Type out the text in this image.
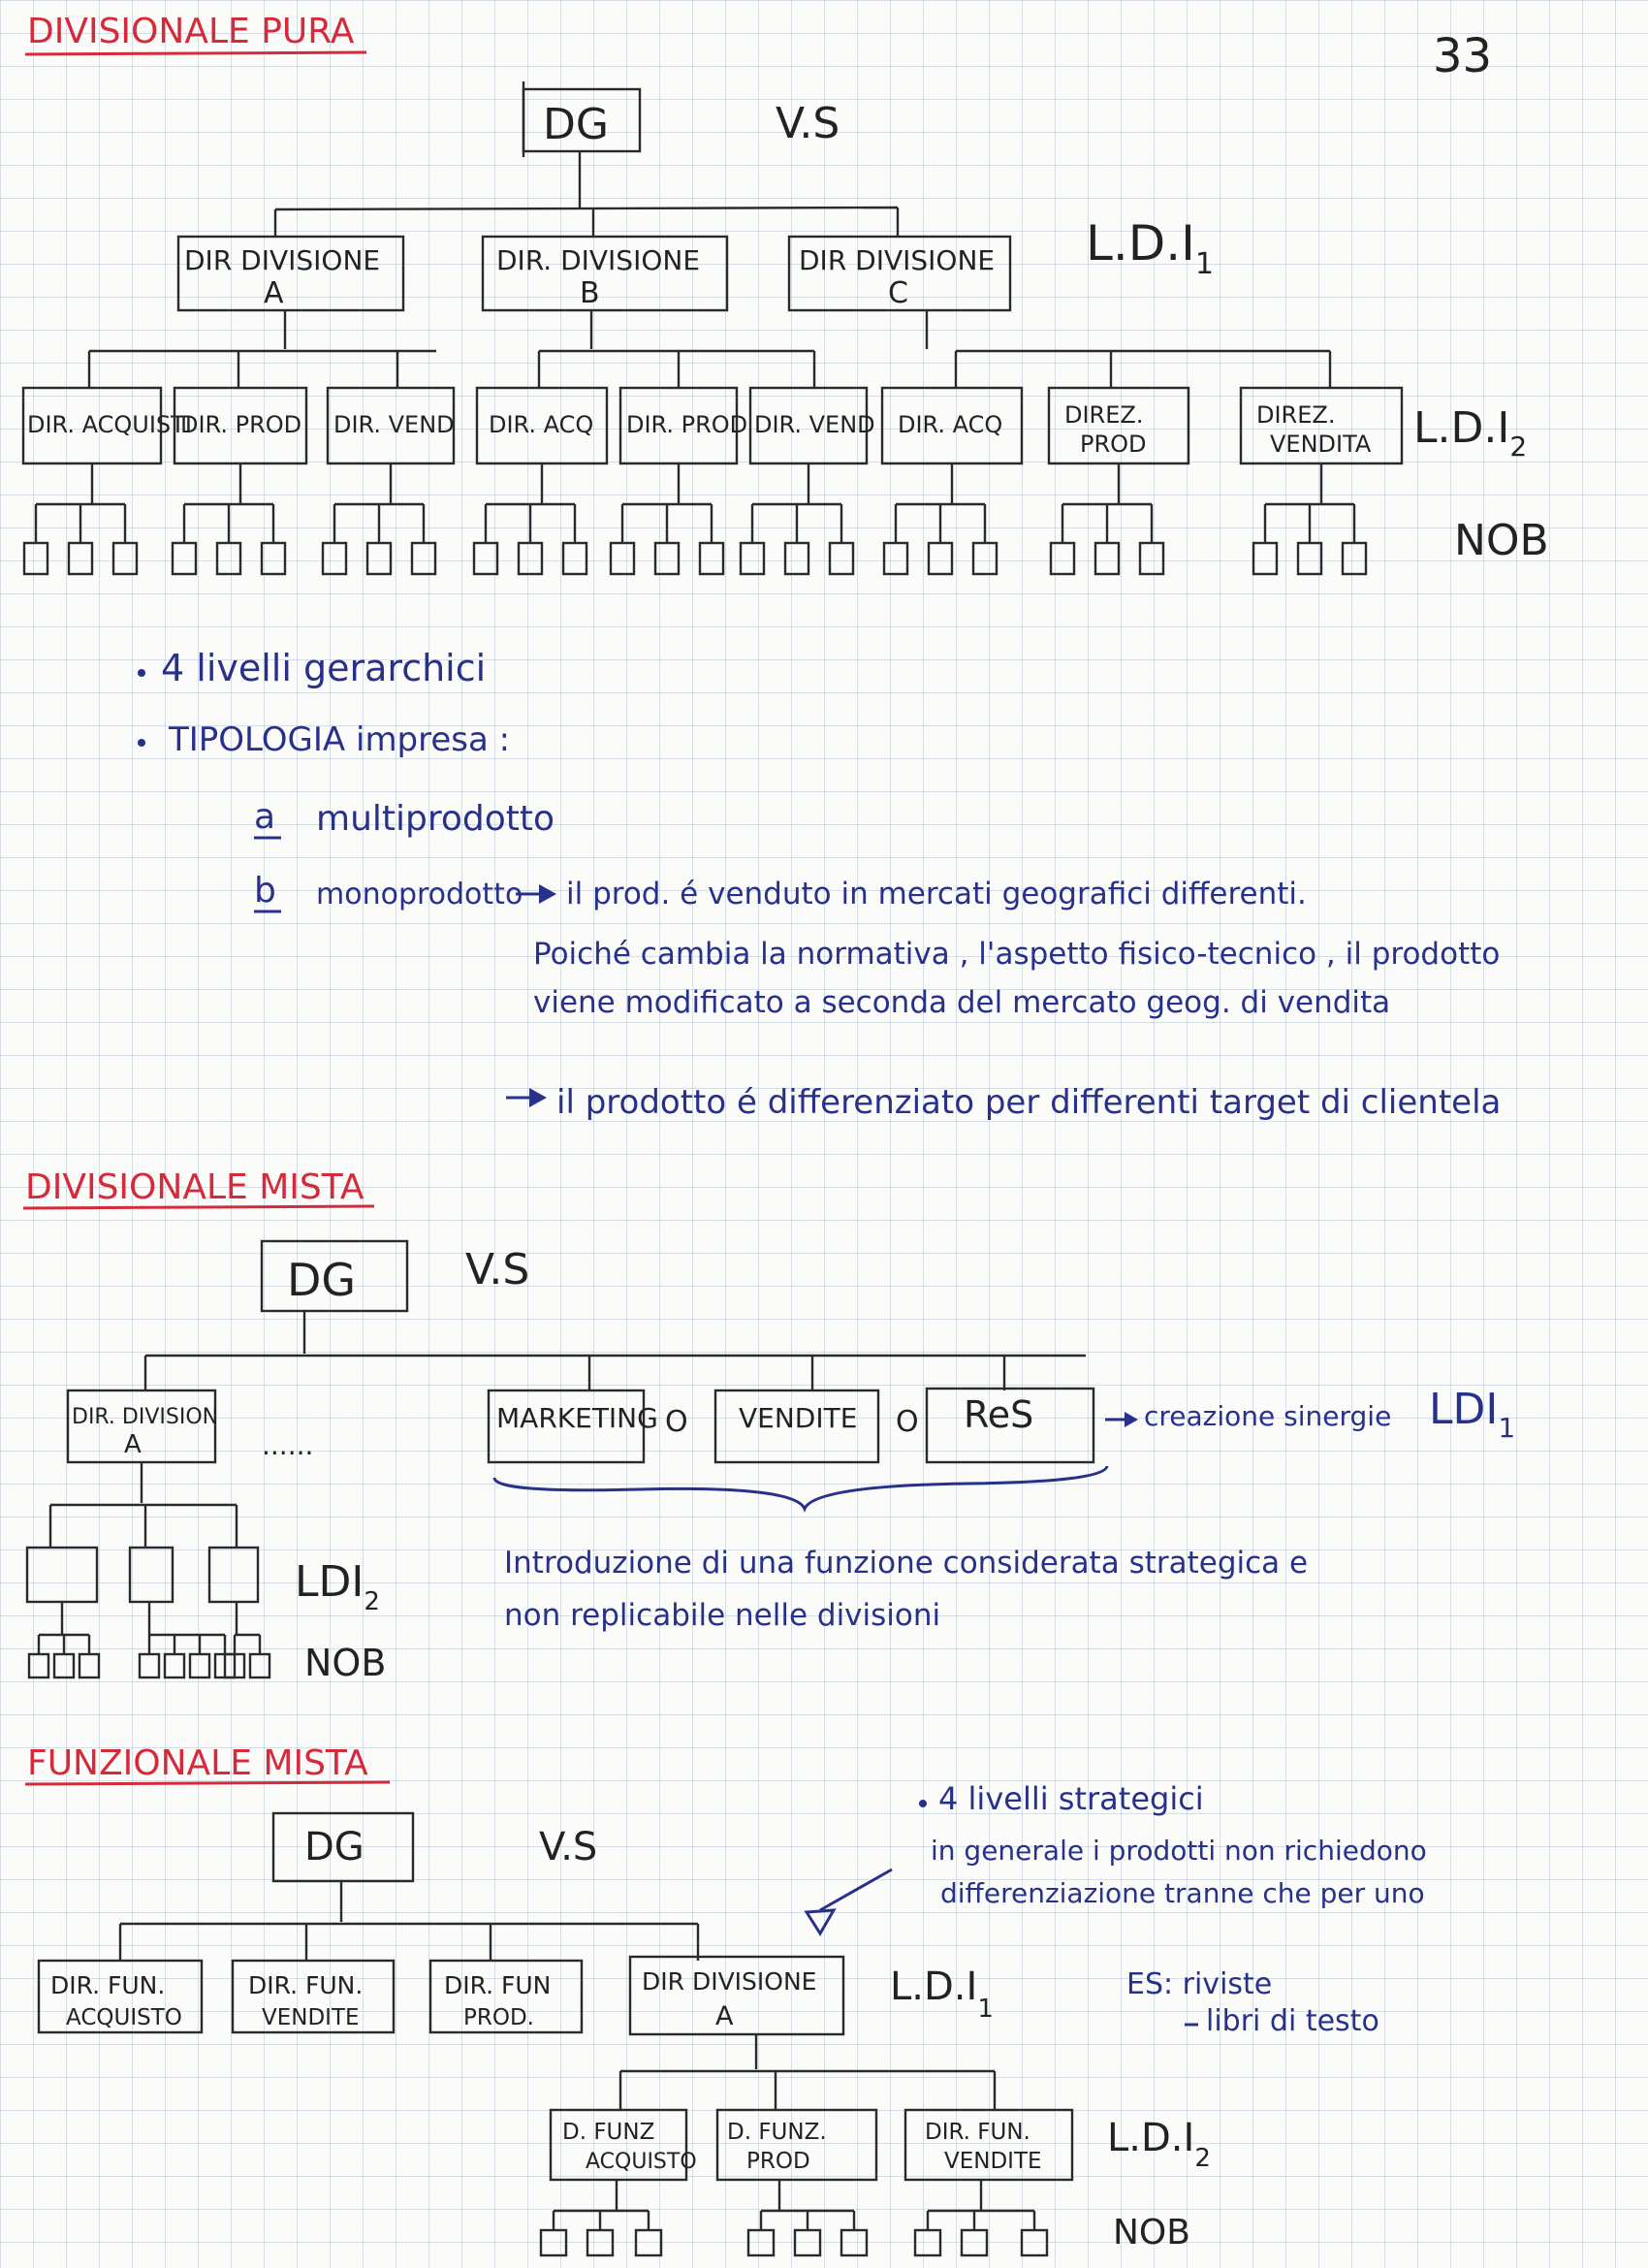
33
DIVISIONALE PURA
DG	V.S
DIR DIVISIONE
A
DIR. DIVISIONE
B
DIR DIVISIONE
C
$L.D.I_1$
DIR. ACQUISTI
DIR. PROD DIR. VEND DIR. ACQ DIR. PROD DIR. VEND DIR. ACQ	DIREZ.
PROD
DIREZ.
VENDITA $L.D.I_2$
NOB
4 livelli gerarchici
TIPOLOGIA impresa :
a multiprodotto
b monoprodotto il prod. é venduto in mercati geografici differenti.
Poiché cambia la normativa , l'aspetto fisico-tecnico , il prodotto
viene modificato a seconda del mercato geog. di vendita
il prodotto é differenziato per differenti target di clientela
DIVISIONALE MISTA
DG	V.S
DIR. DIVISION
A	......
MARKETING O VENDITE O ReS	creazione sinergie $LDI_1$
$LDI_2$
NOB
Introduzione di una funzione considerata strategica e
non replicabile nelle divisioni
FUNZIONALE MISTA
DG	V.S
4 livelli strategici
in generale i prodotti non richiedono
differenziazione tranne che per uno
DIR. FUN.
ACQUISTO
DIR. FUN.
VENDITE
DIR. FUN
PROD.
DIR DIVISIONE
A
$L.D.I_1$
ES: riviste
libri di testo
D. FUNZ
ACQUISTO
D. FUNZ.
PROD
DIR. FUN.
VENDITE
$L.D.I_2$
NOB
